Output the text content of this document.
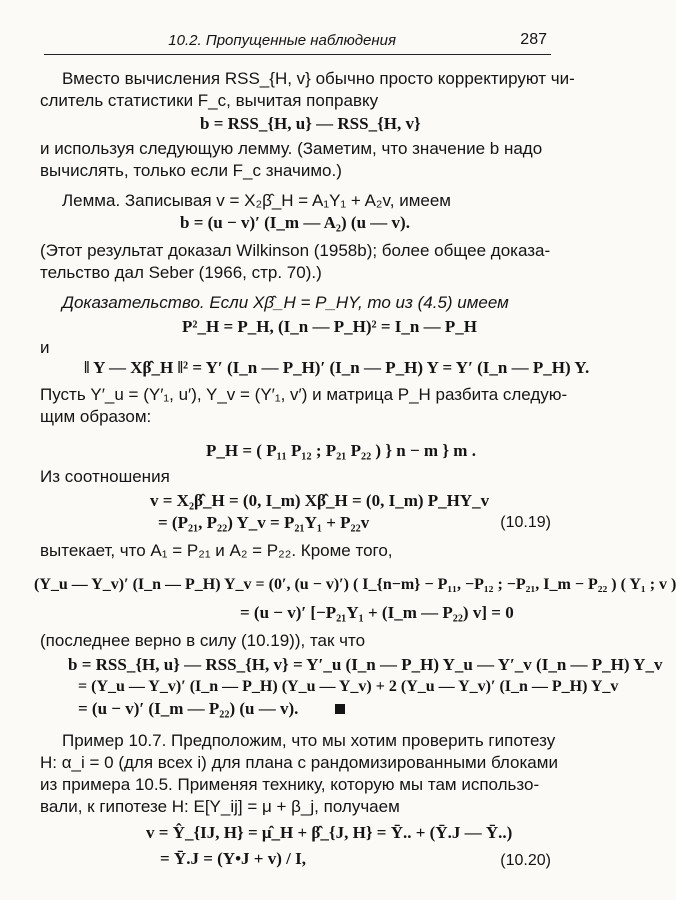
10.2. Пропущенные наблюдения	287
Вместо вычисления RSS_{H, v} обычно просто корректируют чи-
слитель статистики F_c, вычитая поправку
b = RSS_{H, u} — RSS_{H, v}
и используя следующую лемму. (Заметим, что значение b надо
вычислять, только если F_c значимо.)
Лемма. Записывая v = X₂β̂_H = A₁Y₁ + A₂v, имеем
b = (u − v)′ (I_m — A₂) (u — v).
(Этот результат доказал Wilkinson (1958b); более общее доказа-
тельство дал Seber (1966, стр. 70).)
Доказательство. Если Xβ̂_H = P_HY, то из (4.5) имеем
P²_H = P_H, (I_n — P_H)² = I_n — P_H
и
‖ Y — Xβ̂_H ‖² = Y′ (I_n — P_H)′ (I_n — P_H) Y = Y′ (I_n — P_H) Y.
Пусть Y′_u = (Y′₁, u′), Y_v = (Y′₁, v′) и матрица P_H разбита следую-
щим образом:
P_H = ( P₁₁ P₁₂ ; P₂₁ P₂₂ ) } n − m } m .
Из соотношения
v = X₂β̂_H = (0, I_m) Xβ̂_H = (0, I_m) P_HY_v
= (P₂₁, P₂₂) Y_v = P₂₁Y₁ + P₂₂v	(10.19)
вытекает, что A₁ = P₂₁ и A₂ = P₂₂. Кроме того,
(Y_u — Y_v)′ (I_n — P_H) Y_v = (0′, (u − v)′) ( I_{n−m} − P₁₁, −P₁₂ ; −P₂₁, I_m − P₂₂ ) ( Y₁ ; v )
= (u − v)′ [−P₂₁Y₁ + (I_m — P₂₂) v] = 0
(последнее верно в силу (10.19)), так что
b = RSS_{H, u} — RSS_{H, v} = Y′_u (I_n — P_H) Y_u — Y′_v (I_n — P_H) Y_v
= (Y_u — Y_v)′ (I_n — P_H) (Y_u — Y_v) + 2 (Y_u — Y_v)′ (I_n — P_H) Y_v
= (u − v)′ (I_m — P₂₂) (u — v).
Пример 10.7. Предположим, что мы хотим проверить гипотезу
H: α_i = 0 (для всех i) для плана с рандомизированными блоками
из примера 10.5. Применяя технику, которую мы там использо-
вали, к гипотезе H: E[Y_ij] = μ + β_j, получаем
v = Ŷ_{IJ, H} = μ̂_H + β̂_{J, H} = Ȳ.. + (Ȳ.J — Ȳ..)
= Ȳ.J = (Y•J + v) / I,	(10.20)
